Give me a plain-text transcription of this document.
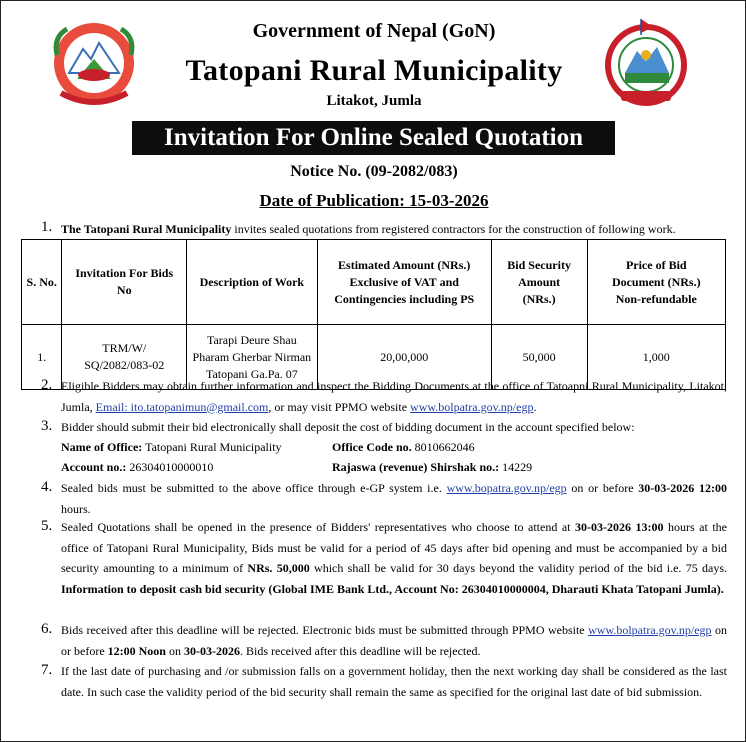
Government of Nepal (GoN)
Tatopani Rural Municipality
Litakot, Jumla
Invitation For Online Sealed Quotation
Notice No. (09-2082/083)
Date of Publication: 15-03-2026
1. The Tatopani Rural Municipality invites sealed quotations from registered contractors for the construction of following work.
S. No.	Invitation For Bids No	Description of Work	Estimated Amount (NRs.) Exclusive of VAT and Contingencies including PS	Bid Security Amount (NRs.)	Price of Bid Document (NRs.) Non-refundable
1.	TRM/W/ SQ/2082/083-02	Tarapi Deure Shau Pharam Gherbar Nirman Tatopani Ga.Pa. 07	20,00,000	50,000	1,000
2. Eligible Bidders may obtain further information and inspect the Bidding Documents at the office of Tatoapni Rural Municipality, Litakot, Jumla, Email: ito.tatopanimun@gmail.com, or may visit PPMO website www.bolpatra.gov.np/egp.
3. Bidder should submit their bid electronically shall deposit the cost of bidding document in the account specified below:
Name of Office: Tatopani Rural Municipality	Office Code no. 8010662046
Account no.: 26304010000010	Rajaswa (revenue) Shirshak no.: 14229
4. Sealed bids must be submitted to the above office through e-GP system i.e. www.bopatra.gov.np/egp on or before 30-03-2026 12:00 hours.
5. Sealed Quotations shall be opened in the presence of Bidders' representatives who choose to attend at 30-03-2026 13:00 hours at the office of Tatopani Rural Municipality, Bids must be valid for a period of 45 days after bid opening and must be accompanied by a bid security amounting to a minimum of NRs. 50,000 which shall be valid for 30 days beyond the validity period of the bid i.e. 75 days. Information to deposit cash bid security (Global IME Bank Ltd., Account No: 26304010000004, Dharauti Khata Tatopani Jumla).
6. Bids received after this deadline will be rejected. Electronic bids must be submitted through PPMO website www.bolpatra.gov.np/egp on or before 12:00 Noon on 30-03-2026. Bids received after this deadline will be rejected.
7. If the last date of purchasing and /or submission falls on a government holiday, then the next working day shall be considered as the last date. In such case the validity period of the bid security shall remain the same as specified for the original last date of bid submission.
